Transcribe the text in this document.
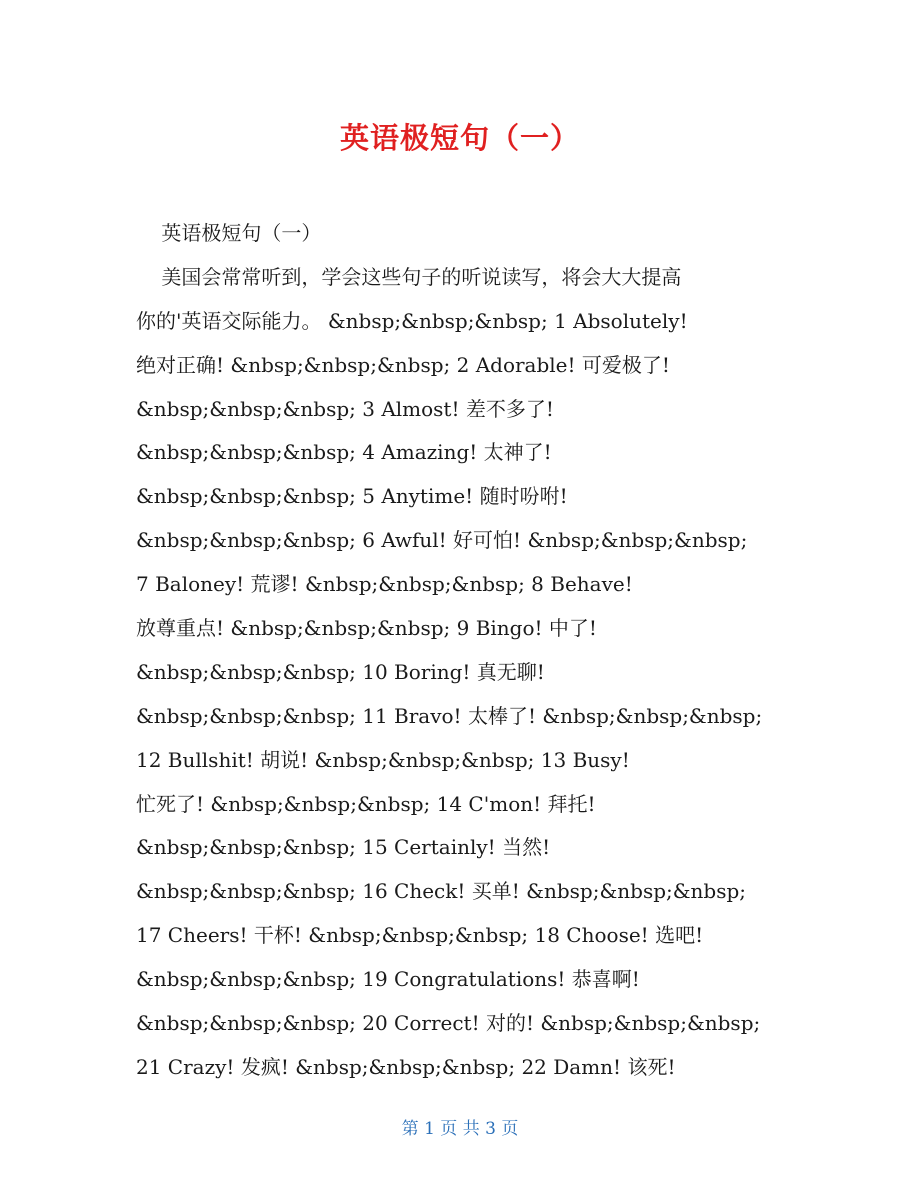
英语极短句（一）
英语极短句（一）
美国会常常听到，学会这些句子的听说读写，将会大大提高
你的'英语交际能力。 &nbsp;&nbsp;&nbsp; 1 Absolutely!
绝对正确! &nbsp;&nbsp;&nbsp; 2 Adorable! 可爱极了!
&nbsp;&nbsp;&nbsp; 3 Almost! 差不多了!
&nbsp;&nbsp;&nbsp; 4 Amazing! 太神了!
&nbsp;&nbsp;&nbsp; 5 Anytime! 随时吩咐!
&nbsp;&nbsp;&nbsp; 6 Awful! 好可怕! &nbsp;&nbsp;&nbsp;
7 Baloney! 荒谬! &nbsp;&nbsp;&nbsp; 8 Behave!
放尊重点! &nbsp;&nbsp;&nbsp; 9 Bingo! 中了!
&nbsp;&nbsp;&nbsp; 10 Boring! 真无聊!
&nbsp;&nbsp;&nbsp; 11 Bravo! 太棒了! &nbsp;&nbsp;&nbsp;
12 Bullshit! 胡说! &nbsp;&nbsp;&nbsp; 13 Busy!
忙死了! &nbsp;&nbsp;&nbsp; 14 C'mon! 拜托!
&nbsp;&nbsp;&nbsp; 15 Certainly! 当然!
&nbsp;&nbsp;&nbsp; 16 Check! 买单! &nbsp;&nbsp;&nbsp;
17 Cheers! 干杯! &nbsp;&nbsp;&nbsp; 18 Choose! 选吧!
&nbsp;&nbsp;&nbsp; 19 Congratulations! 恭喜啊!
&nbsp;&nbsp;&nbsp; 20 Correct! 对的! &nbsp;&nbsp;&nbsp;
21 Crazy! 发疯! &nbsp;&nbsp;&nbsp; 22 Damn! 该死!
第 1 页 共 3 页
